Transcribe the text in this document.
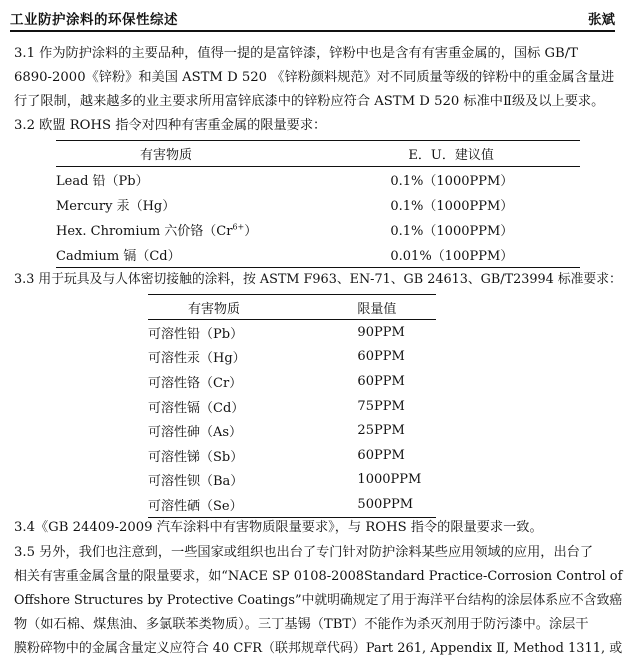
工业防护涂料的环保性综述	张斌
3.1 作为防护涂料的主要品种，值得一提的是富锌漆，锌粉中也是含有有害重金属的，国标 GB/T
6890-2000《锌粉》和美国 ASTM D 520 《锌粉颜料规范》对不同质量等级的锌粉中的重金属含量进
行了限制，越来越多的业主要求所用富锌底漆中的锌粉应符合 ASTM D 520 标准中Ⅱ级及以上要求。
3.2 欧盟 ROHS 指令对四种有害重金属的限量要求：
有害物质	E．U．建议值
Lead 铅（Pb）	0.1%（1000PPM）
Mercury 汞（Hg）	0.1%（1000PPM）
Hex. Chromium 六价铬$(Cr^{6+})$	0.1%（1000PPM）
Cadmium 镉（Cd）	0.01%（100PPM）
3.3 用于玩具及与人体密切接触的涂料，按 ASTM F963、EN-71、GB 24613、GB/T23994 标准要求：
有害物质	限量值
可溶性铅（Pb）	90PPM
可溶性汞（Hg）	60PPM
可溶性铬（Cr）	60PPM
可溶性镉（Cd）	75PPM
可溶性砷（As）	25PPM
可溶性锑（Sb）	60PPM
可溶性钡（Ba）	1000PPM
可溶性硒（Se）	500PPM
3.4《GB 24409-2009 汽车涂料中有害物质限量要求》，与 ROHS 指令的限量要求一致。
3.5 另外，我们也注意到，一些国家或组织也出台了专门针对防护涂料某些应用领域的应用，出台了
相关有害重金属含量的限量要求，如“NACE SP 0108-2008Standard Practice-Corrosion Control of
Offshore Structures by Protective Coatings”中就明确规定了用于海洋平台结构的涂层体系应不含致癌
物（如石棉、煤焦油、多氯联苯类物质）。三丁基锡（TBT）不能作为杀灭剂用于防污漆中。涂层干
膜粉碎物中的金属含量定义应符合 40 CFR（联邦规章代码）Part 261, Appendix Ⅱ, Method 1311, 或
